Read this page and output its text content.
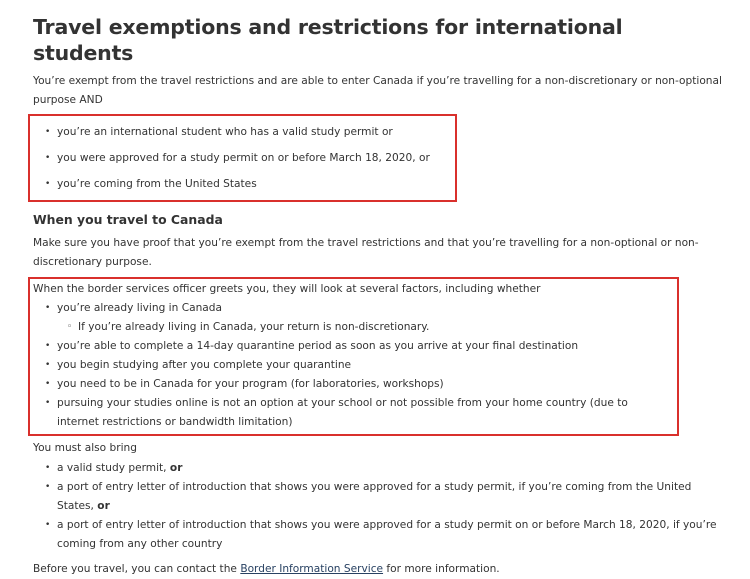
Travel exemptions and restrictions for international students

You’re exempt from the travel restrictions and are able to enter Canada if you’re travelling for a non-discretionary or non-optional purpose AND

• you’re an international student who has a valid study permit or
• you were approved for a study permit on or before March 18, 2020, or
• you’re coming from the United States
When you travel to Canada

Make sure you have proof that you’re exempt from the travel restrictions and that you’re travelling for a non-optional or non-discretionary purpose.

When the border services officer greets you, they will look at several factors, including whether

• you’re already living in Canada
◦ If you’re already living in Canada, your return is non-discretionary.
• you’re able to complete a 14-day quarantine period as soon as you arrive at your final destination
• you begin studying after you complete your quarantine
• you need to be in Canada for your program (for laboratories, workshops)
• pursuing your studies online is not an option at your school or not possible from your home country (due to internet restrictions or bandwidth limitation)

You must also bring

• a valid study permit, or
• a port of entry letter of introduction that shows you were approved for a study permit, if you’re coming from the United States, or
• a port of entry letter of introduction that shows you were approved for a study permit on or before March 18, 2020, if you’re coming from any other country

Before you travel, you can contact the Border Information Service for more information.
